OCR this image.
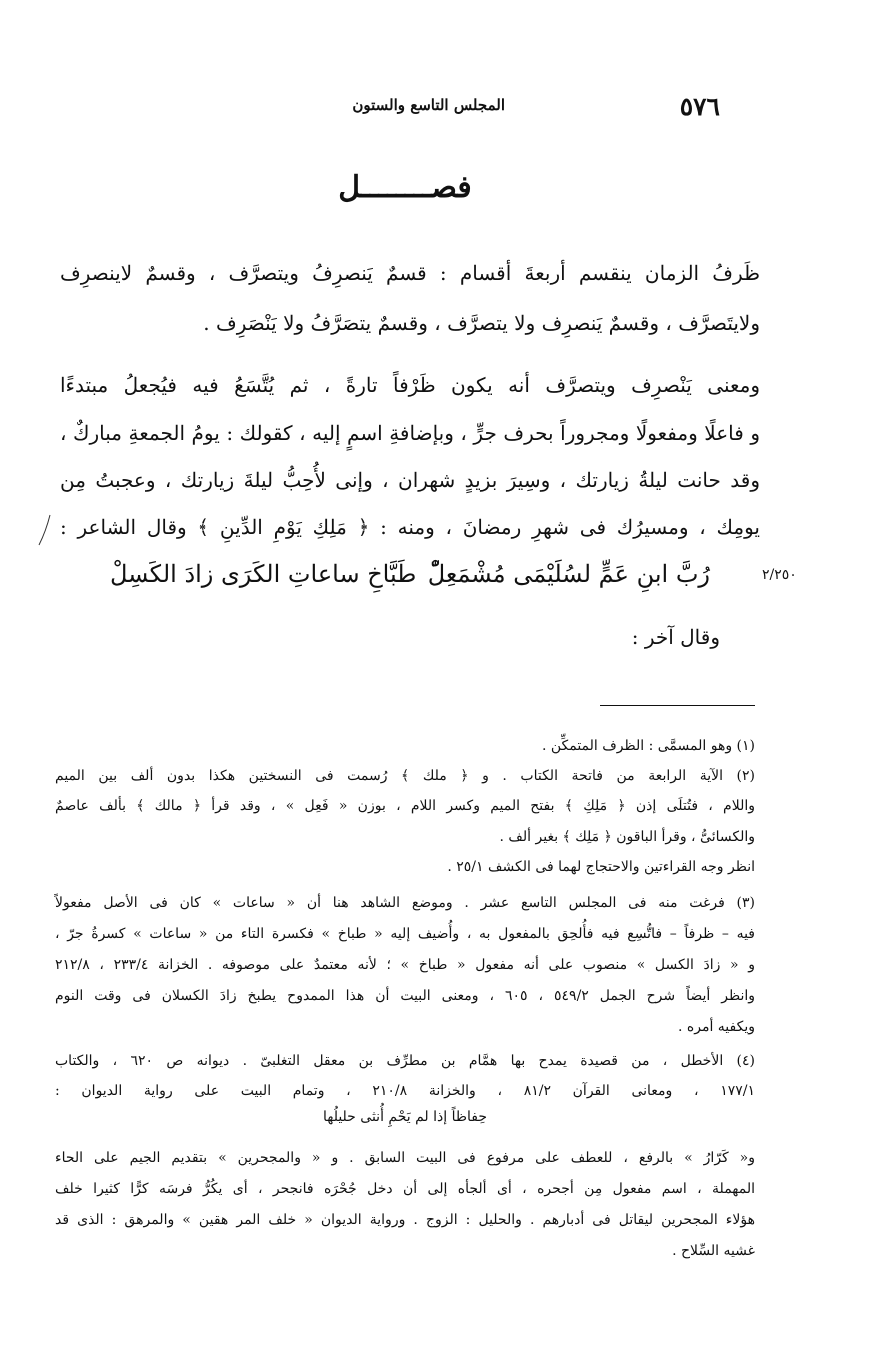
٥٧٦
المجلس التاسع والستون
فصــــــــل
ظَرفُ الزمان ينقسم أربعةَ أقسام : قسمٌ يَنصرِفُ ويتصرَّف ، وقسمٌ لاينصرِف
ولايتَصرَّف ، وقسمٌ يَنصرِف ولا يتصرَّف ، وقسمٌ يتصَرَّفُ ولا يَنْصَرِف .
ومعنى يَنْصرِف ويتصرَّف أنه يكون ظَرْفاً تارةً ، ثم يُتَّسَعُ فيه فيُجعلُ مبتدءًا
و فاعلًا ومفعولًا ومجروراً بحرف جرٍّ ، وبإضافةِ اسمٍ إليه ، كقولك : يومُ الجمعةِ مباركٌ ،
وقد حانت ليلةُ زيارتك ، وسِيرَ بزيدٍ شهران ، وإنى لأُحِبُّ ليلةَ زيارتك ، وعجبتُ مِن
يومِك ، ومسيرُك فى شهرِ رمضانَ ، ومنه : ﴿ مَلِكِ يَوْمِ الدِّينِ ﴾ وقال الشاعر :
٢/٢٥٠
رُبَّ ابنِ عَمٍّ لسُلَيْمَى مُشْمَعِلّْ
طَبَّاخِ ساعاتِ الكَرَى زادَ الكَسِلْ
وقال آخر :
(١) وهو المسمَّى : الظرف المتمكِّن .
(٢) الآية الرابعة من فاتحة الكتاب . و ﴿ ملك ﴾ رُسمت فى النسختين هكذا بدون ألف بين الميم
واللام ، فتُتلَى إذن ﴿ مَلِكِ ﴾ بفتح الميم وكسر اللام ، بوزن « فَعِل » ، وقد قرأ ﴿ مالك ﴾ بألف عاصمٌ
والكسائىُّ ، وقرأ الباقون ﴿ مَلِك ﴾ بغير ألف .
انظر وجه القراءتين والاحتجاج لهما فى الكشف ٢٥/١ .
(٣) فرغت منه فى المجلس التاسع عشر . وموضع الشاهد هنا أن « ساعات » كان فى الأصل مفعولاً
فيه – ظرفاً – فاتُّسِع فيه فأُلحِق بالمفعول به ، وأُضيف إليه « طباخ » فكسرة التاء من « ساعات » كسرةُ جرّ ،
و « زادَ الكسل » منصوب على أنه مفعول « طباخ » ؛ لأنه معتمدٌ على موصوفه . الخزانة ٢٣٣/٤ ، ٢١٢/٨
وانظر أيضاً شرح الجمل ٥٤٩/٢ ، ٦٠٥ ، ومعنى البيت أن هذا الممدوح يطبخ زادَ الكسلان فى وقت النوم
ويكفيه أمره .
(٤) الأخطل ، من قصيدة يمدح بها همَّام بن مطرِّف بن معقل التغلبىّ . ديوانه ص ٦٢٠ ، والكتاب
١٧٧/١ ، ومعانى القرآن ٨١/٢ ، والخزانة ٢١٠/٨ ، وتمام البيت على رواية الديوان :
حِفاظاً إذا لم يَحْمِ أُنثى حليلُها
و« كَرّارُ » بالرفع ، للعطف على مرفوع فى البيت السابق . و « والمجحرين » بتقديم الجيم على الحاء
المهملة ، اسم مفعول مِن أجحره ، أى ألجأه إلى أن دخل جُحْرَه فانجحر ، أى يكُرُّ فرسَه كرًّا كثيرا خلف
هؤلاء المجحرين ليقاتل فى أدبارهم . والحليل : الزوج . ورواية الديوان « خلف المر هقين » والمرهق : الذى قد
غشيه السِّلاح .
